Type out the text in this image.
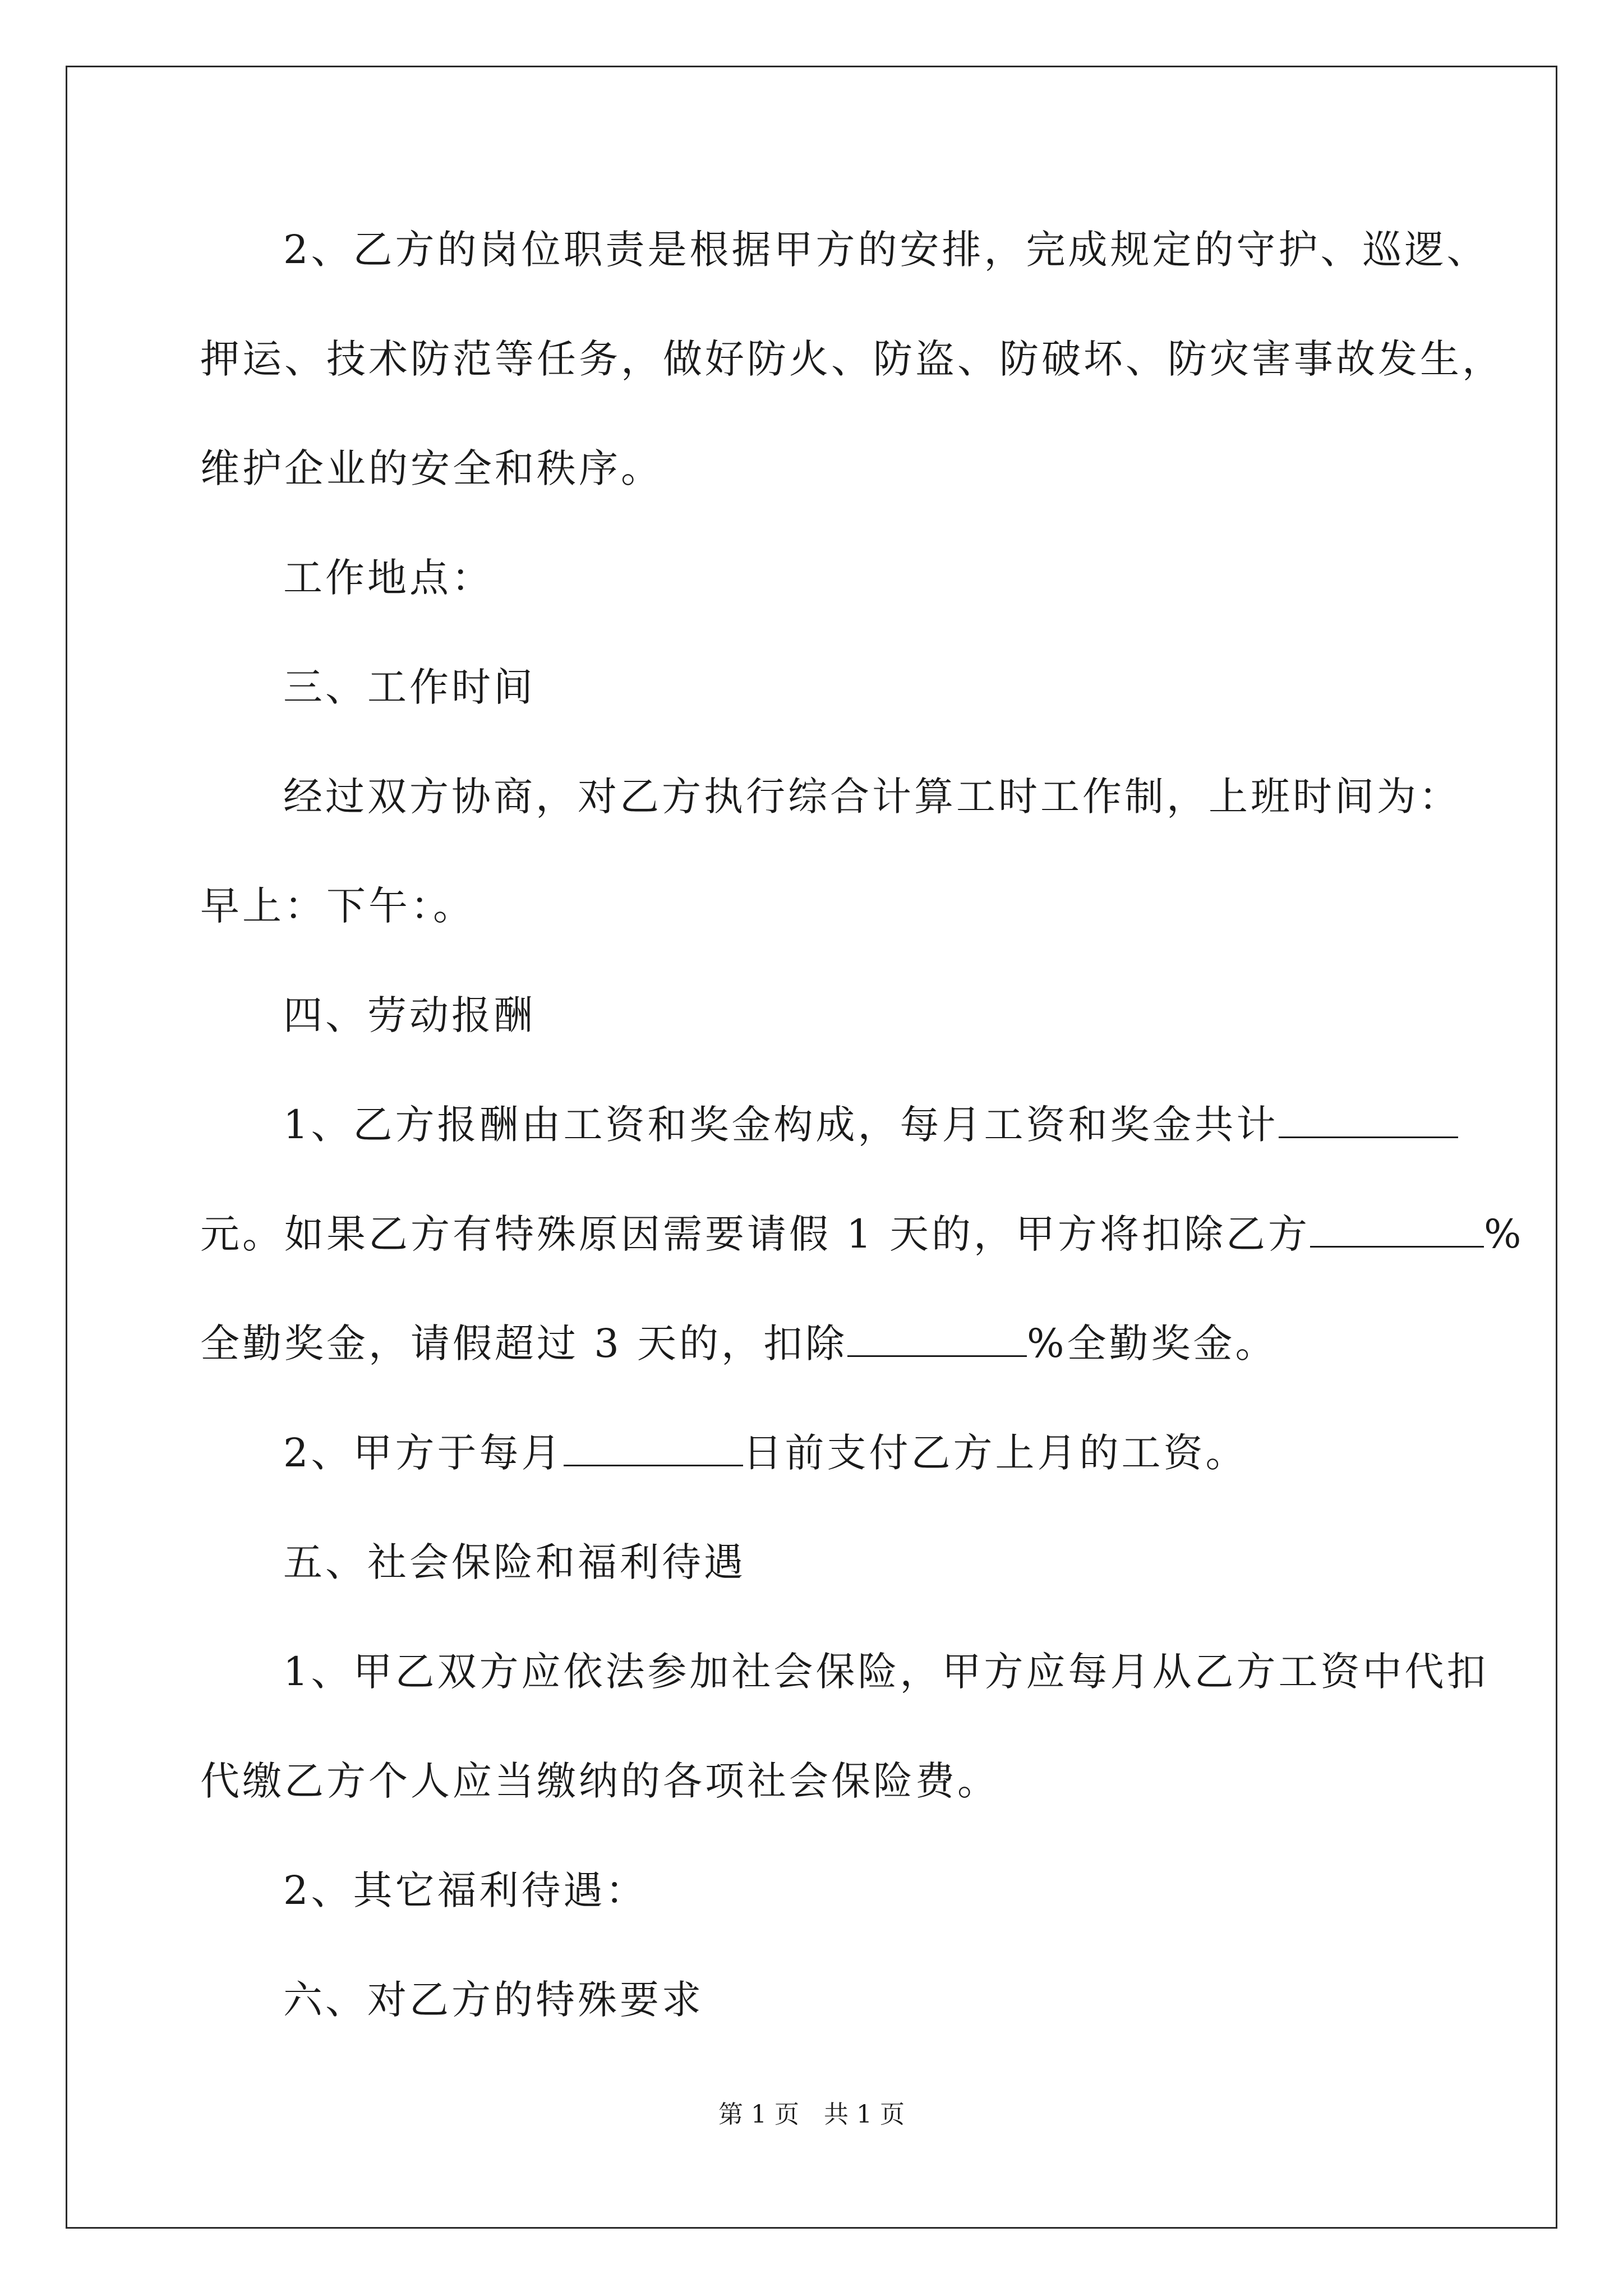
2、乙方的岗位职责是根据甲方的安排，完成规定的守护、巡逻、
押运、技术防范等任务，做好防火、防盗、防破坏、防灾害事故发生，
维护企业的安全和秩序。
工作地点：
三、工作时间
经过双方协商，对乙方执行综合计算工时工作制，上班时间为：
早上：下午：。
四、劳动报酬
1、乙方报酬由工资和奖金构成，每月工资和奖金共计
元。如果乙方有特殊原因需要请假 1 天的，甲方将扣除乙方	%
全勤奖金，请假超过 3 天的，扣除	%全勤奖金。
2、甲方于每月	日前支付乙方上月的工资。
五、社会保险和福利待遇
1、甲乙双方应依法参加社会保险，甲方应每月从乙方工资中代扣
代缴乙方个人应当缴纳的各项社会保险费。
2、其它福利待遇：
六、对乙方的特殊要求
第 1 页　共 1 页
